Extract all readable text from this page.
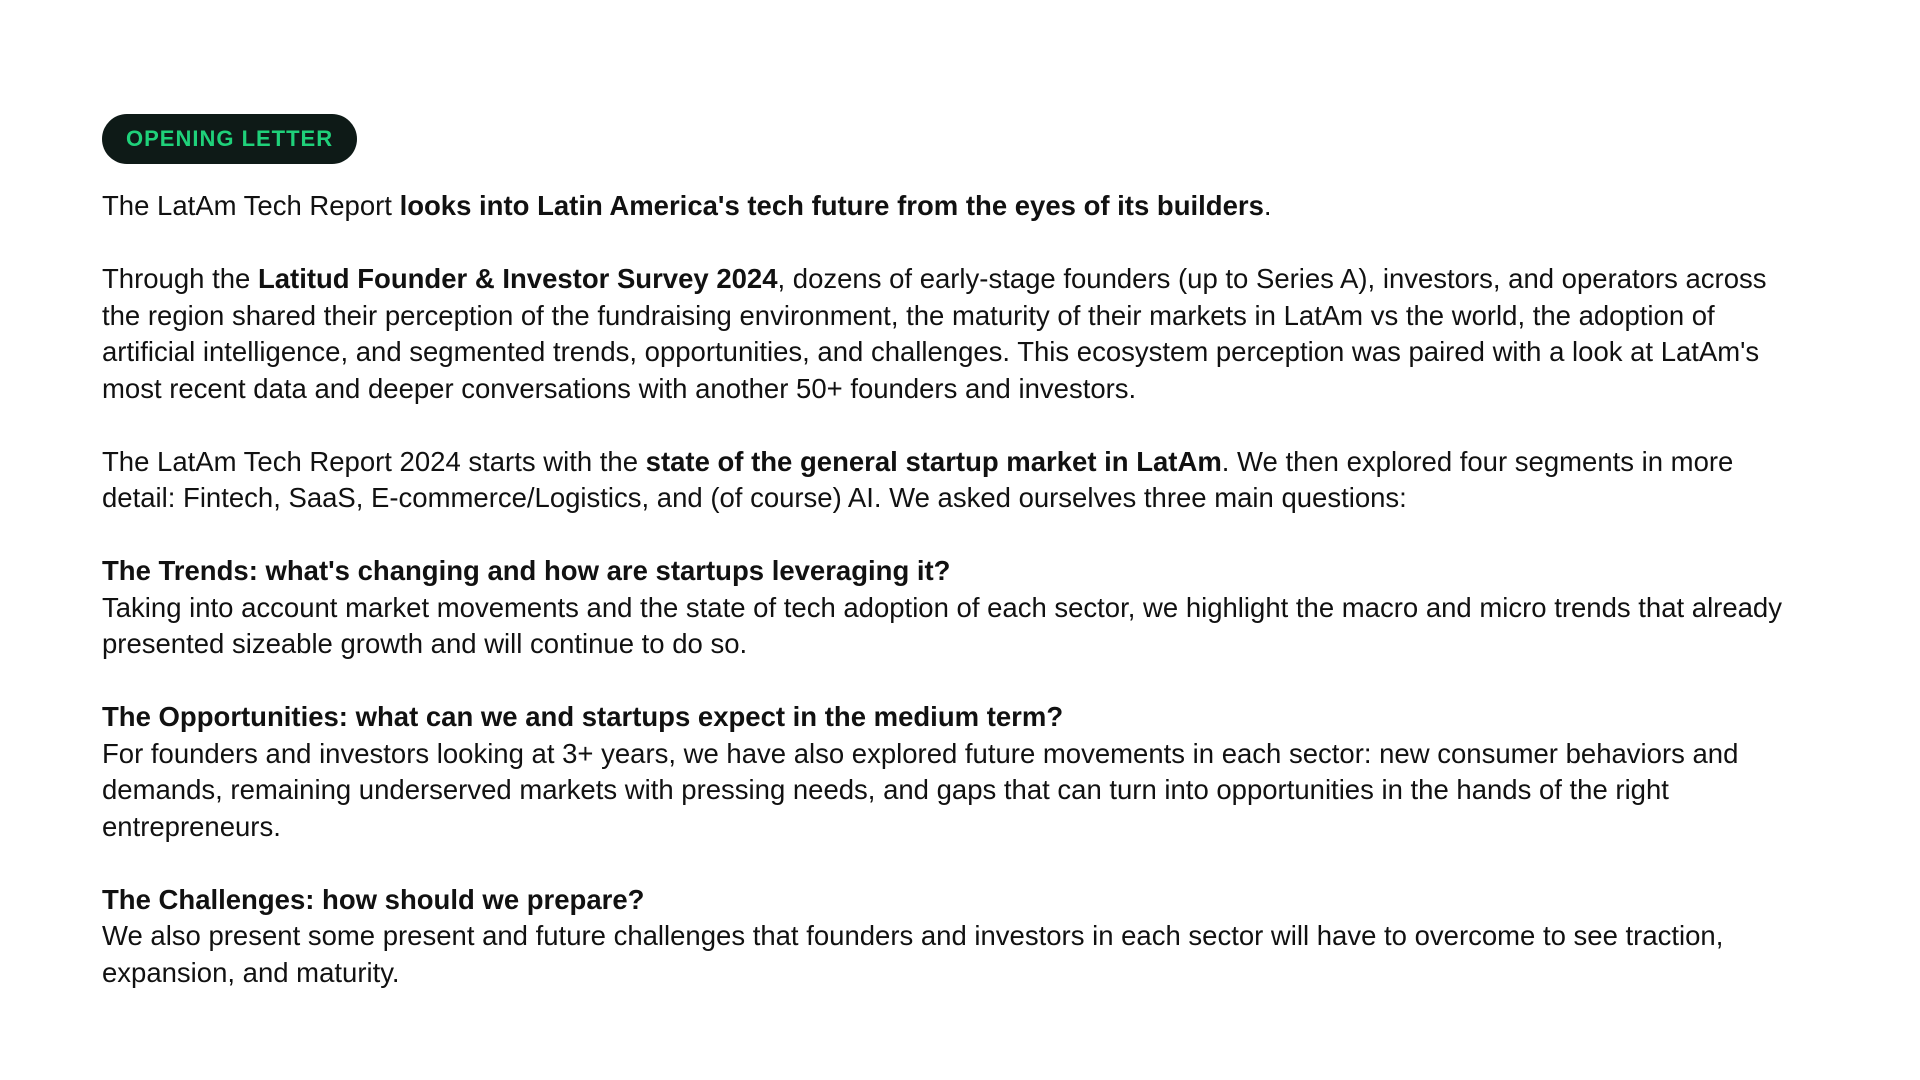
OPENING LETTER

The LatAm Tech Report looks into Latin America's tech future from the eyes of its builders.

Through the Latitud Founder & Investor Survey 2024, dozens of early-stage founders (up to Series A), investors, and operators across the region shared their perception of the fundraising environment, the maturity of their markets in LatAm vs the world, the adoption of artificial intelligence, and segmented trends, opportunities, and challenges. This ecosystem perception was paired with a look at LatAm's most recent data and deeper conversations with another 50+ founders and investors.

The LatAm Tech Report 2024 starts with the state of the general startup market in LatAm. We then explored four segments in more detail: Fintech, SaaS, E-commerce/Logistics, and (of course) AI. We asked ourselves three main questions:

The Trends: what's changing and how are startups leveraging it?
Taking into account market movements and the state of tech adoption of each sector, we highlight the macro and micro trends that already presented sizeable growth and will continue to do so.

The Opportunities: what can we and startups expect in the medium term?
For founders and investors looking at 3+ years, we have also explored future movements in each sector: new consumer behaviors and demands, remaining underserved markets with pressing needs, and gaps that can turn into opportunities in the hands of the right entrepreneurs.

The Challenges: how should we prepare?
We also present some present and future challenges that founders and investors in each sector will have to overcome to see traction, expansion, and maturity.
